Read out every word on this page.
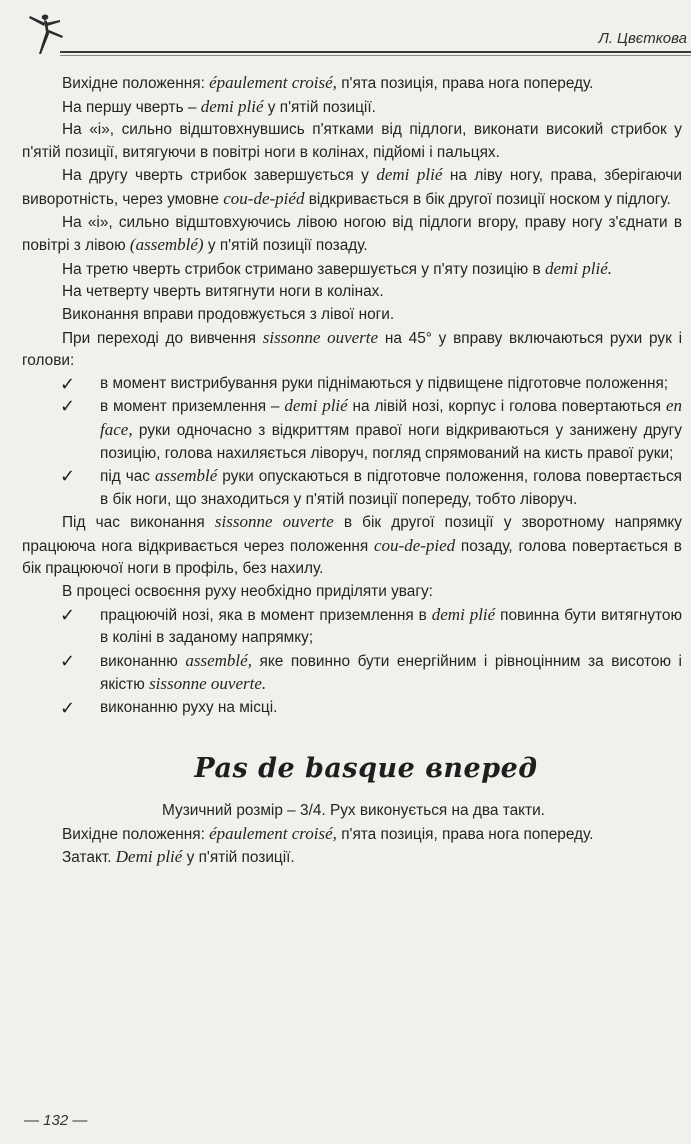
Л. Цвєткова

Вихідне положення: épaulement croisé, п'ята позиція, права нога попереду.

На першу чверть – demi plié у п'ятій позиції.

На «і», сильно відштовхнувшись п'ятками від підлоги, виконати високий стрибок у п'ятій позиції, витягуючи в повітрі ноги в колінах, підйомі і пальцях.

На другу чверть стрибок завершується у demi plié на ліву ногу, права, зберігаючи виворотність, через умовне cou-de-piéd відкривається в бік другої позиції носком у підлогу.

На «і», сильно відштовхуючись лівою ногою від підлоги вгору, праву ногу з'єднати в повітрі з лівою (assemblé) у п'ятій позиції позаду.

На третю чверть стрибок стримано завершується у п'яту позицію в demi plié.

На четверту чверть витягнути ноги в колінах.

Виконання вправи продовжується з лівої ноги.

При переході до вивчення sissonne ouverte на 45° у вправу включаються рухи рук і голови:

✓ в момент вистрибування руки піднімаються у підвищене підготовче положення;
✓ в момент приземлення – demi plié на лівій нозі, корпус і голова повертаються en face, руки одночасно з відкриттям правої ноги відкриваються у занижену другу позицію, голова нахиляється ліворуч, погляд спрямований на кисть правої руки;
✓ під час assemblé руки опускаються в підготовче положення, голова повертається в бік ноги, що знаходиться у п'ятій позиції попереду, тобто ліворуч.

Під час виконання sissonne ouverte в бік другої позиції у зворотному напрямку працююча нога відкривається через положення cou-de-pied позаду, голова повертається в бік працюючої ноги в профіль, без нахилу.

В процесі освоєння руху необхідно приділяти увагу:

✓ працюючій нозі, яка в момент приземлення в demi plié повинна бути витягнутою в коліні в заданому напрямку;
✓ виконанню assemblé, яке повинно бути енергійним і рівноцінним за висотою і якістю sissonne ouverte.
✓ виконанню руху на місці.
Pas de basque вперед

Музичний розмір – 3/4. Рух виконується на два такти.

Вихідне положення: épaulement croisé, п'ята позиція, права нога попереду.

Затакт. Demi plié у п'ятій позиції.

— 132 —
